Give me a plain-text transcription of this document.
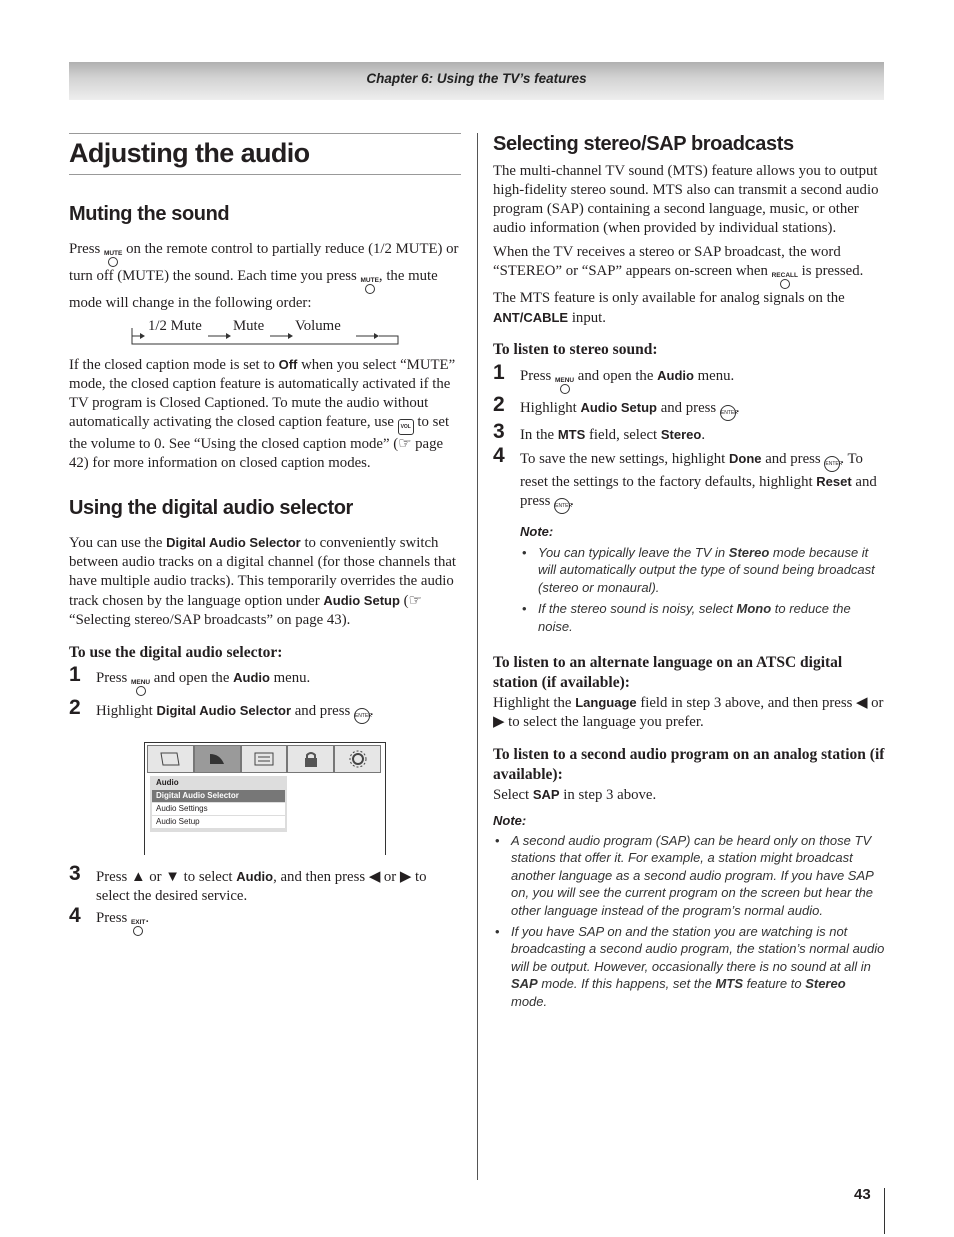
Chapter 6: Using the TV’s features
Adjusting the audio
Muting the sound

Press MUTE on the remote control to partially reduce (1/2 MUTE) or turn off (MUTE) the sound. Each time you press MUTE , the mute mode will change in the following order:

1/2 Mute Mute Volume

If the closed caption mode is set to Off when you select “MUTE” mode, the closed caption feature is automatically activated if the TV program is Closed Captioned. To mute the audio without automatically activating the closed caption feature, use	VOL to set the volume to 0. See “Using the closed caption mode” (☞ page 42) for more information on closed caption modes.

Using the digital audio selector

You can use the Digital Audio Selector to conveniently switch between audio tracks on a digital channel (for those channels that have multiple audio tracks). This temporarily overrides the audio track chosen by the language option under Audio Setup (☞ “Selecting stereo/SAP broadcasts” on page 43).

To use the digital audio selector:
1 Press MENU and open the Audio menu.
2 Highlight Digital Audio Selector and press ENTER.
Audio
Digital Audio Selector
Audio Settings
Audio Setup
3 Press ▲ or ▼ to select Audio, and then press ◀ or ▶ to select the desired service.
4 Press EXIT .
Selecting stereo/SAP broadcasts

The multi-channel TV sound (MTS) feature allows you to output high-fidelity stereo sound. MTS also can transmit a second audio program (SAP) containing a second language, music, or other audio information (when provided by individual stations).

When the TV receives a stereo or SAP broadcast, the word “STEREO” or “SAP” appears on-screen when RECALL is pressed. The MTS feature is only available for analog signals on the ANT/CABLE input.

To listen to stereo sound:
1 Press MENU and open the Audio menu.
2 Highlight Audio Setup and press ENTER.
3 In the MTS field, select Stereo.
4 To save the new settings, highlight Done and press ENTER. To reset the settings to the factory defaults, highlight Reset and press ENTER.
Note:
• You can typically leave the TV in Stereo mode because it will automatically output the type of sound being broadcast (stereo or monaural).
• If the stereo sound is noisy, select Mono to reduce the noise.
To listen to an alternate language on an ATSC digital station (if available):

Highlight the Language field in step 3 above, and then press ◀ or ▶ to select the language you prefer.

To listen to a second audio program on an analog station (if available):

Select SAP in step 3 above.

Note:
• A second audio program (SAP) can be heard only on those TV stations that offer it. For example, a station might broadcast another language as a second audio program. If you have SAP on, you will see the current program on the screen but hear the other language instead of the program’s normal audio.
• If you have SAP on and the station you are watching is not broadcasting a second audio program, the station’s normal audio will be output. However, occasionally there is no sound at all in SAP mode. If this happens, set the MTS feature to Stereo mode.
43
